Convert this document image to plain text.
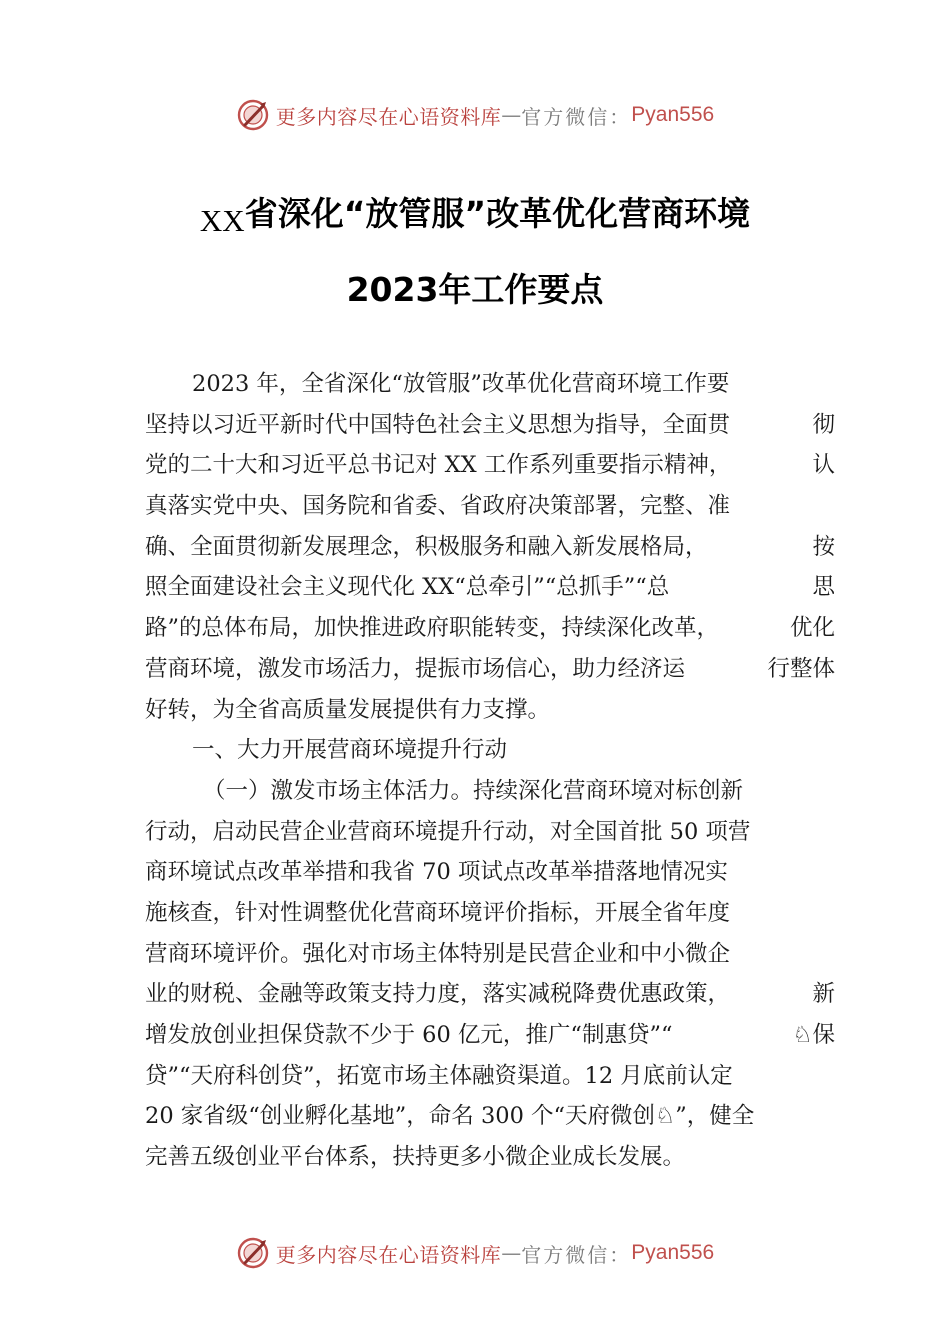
更多内容尽在心语资料库 — 官方微信： Pyan556
XX省深化“放管服”改革优化营商环境
2023年工作要点
2023 年，全省深化“放管服”改革优化营商环境工作要
坚持以习近平新时代中国特色社会主义思想为指导，全面贯	彻
党的二十大和习近平总书记对 XX 工作系列重要指示精神，	认
真落实党中央、国务院和省委、省政府决策部署，完整、准
确、全面贯彻新发展理念，积极服务和融入新发展格局，	按
照全面建设社会主义现代化 XX“总牵引”“总抓手”“总	思
路”的总体布局，加快推进政府职能转变，持续深化改革，	优化
营商环境，激发市场活力，提振市场信心，助力经济运	行整体
好转，为全省高质量发展提供有力支撑。
一、大力开展营商环境提升行动
（一）激发市场主体活力。持续深化营商环境对标创新
行动，启动民营企业营商环境提升行动，对全国首批 50 项营
商环境试点改革举措和我省 70 项试点改革举措落地情况实
施核查，针对性调整优化营商环境评价指标，开展全省年度
营商环境评价。强化对市场主体特别是民营企业和中小微企
业的财税、金融等政策支持力度，落实减税降费优惠政策，	新
增发放创业担保贷款不少于 60 亿元，推广“制惠贷”“	♘保
贷”“天府科创贷”，拓宽市场主体融资渠道。12 月底前认定
20 家省级“创业孵化基地”，命名 300 个“天府微创♘”，健全
完善五级创业平台体系，扶持更多小微企业成长发展。
更多内容尽在心语资料库 — 官方微信： Pyan556
